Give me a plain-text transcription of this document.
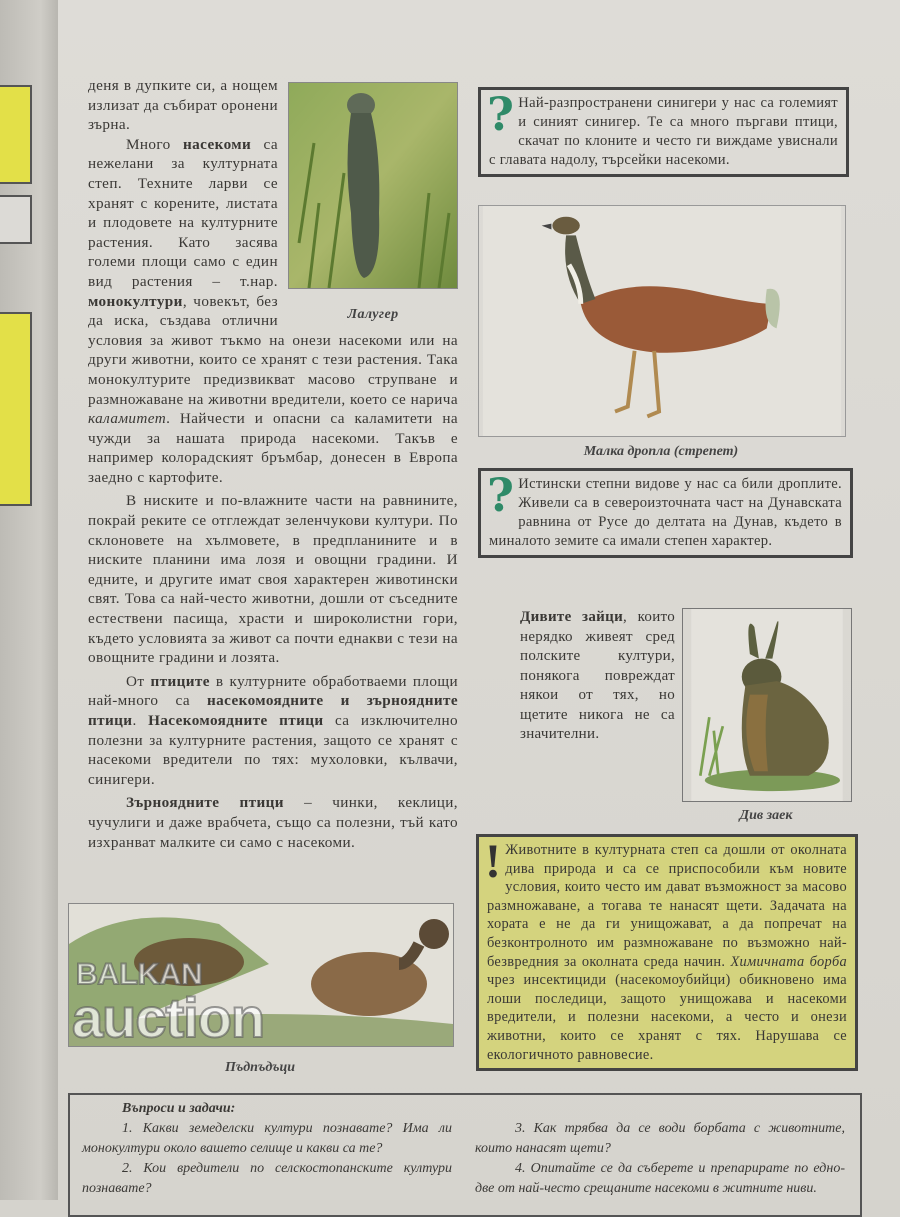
Лалугер

деня в дупките си, а нощем излизат да събират оронени зърна.

Много насекоми са нежелани за културната степ. Техните ларви се хранят с корените, листата и плодовете на културните растения. Като засява големи площи само с един вид растения – т.нар. монокултури, човекът, без да иска, създава отлични условия за живот тъкмо на онези насекоми или на други животни, които се хранят с тези растения. Така монокултурите предизвикват масово струпване и размножаване на животни вредители, което се нарича каламитет. Найчести и опасни са каламитети на чужди за нашата природа насекоми. Такъв е например колорадският бръмбар, донесен в Европа заедно с картофите.

В ниските и по-влажните части на равнините, покрай реките се отглеждат зеленчукови култури. По склоновете на хълмовете, в предпланините и в ниските планини има лозя и овощни градини. И едните, и другите имат своя характерен животински свят. Това са най-често животни, дошли от съседните естествени пасища, храсти и широколистни гори, където условията за живот са почти еднакви с тези на овощните градини и лозята.

От птиците в културните обработваеми площи най-много са насекомоядните и зърноядните птици. Насекомоядните птици са изключително полезни за културните растения, защото се хранят с насекоми вредители по тях: мухоловки, кълвачи, синигери.

Зърноядните птици – чинки, кеклици, чучулиги и даже врабчета, също са полезни, тъй като изхранват малките си само с насекоми.

Пъдпъдъци
? Най-разпространени синигери у нас са големият и синият синигер. Те са много пъргави птици, скачат по клоните и често ги виждаме увиснали с главата надолу, търсейки насекоми.
Малка дропла (стрепет)
? Истински степни видове у нас са били дроплите. Живели са в североизточната част на Дунавската равнина от Русе до делтата на Дунав, където в миналото земите са имали степен характер.

Дивите зайци, които нерядко живеят сред полските култури, понякога повреждат някои от тях, но щетите никога не са значителни.

Див заек
! Животните в културната степ са дошли от околната дива природа и са се приспособили към новите условия, които често им дават възможност за масово размножаване, а тогава те нанасят щети. Задачата на хората е не да ги унищожават, а да попречат на безконтролното им размножаване по възможно най-безвредния за околната среда начин. Химичната борба чрез инсектициди (насекомоубийци) обикновено има лоши последици, защото унищожава и насекоми вредители, и полезни насекоми, а често и онези животни, които се хранят с тях. Нарушава се екологичното равновесие.
Въпроси и задачи:

1. Какви земеделски култури познавате? Има ли монокултури около вашето селище и какви са те?

2. Кои вредители по селскостопанските култури познавате?

3. Как трябва да се води борбата с животните, които нанасят щети?

4. Опитайте се да съберете и препарирате по едно-две от най-често срещаните насекоми в житните ниви.

BALKAN
auction
